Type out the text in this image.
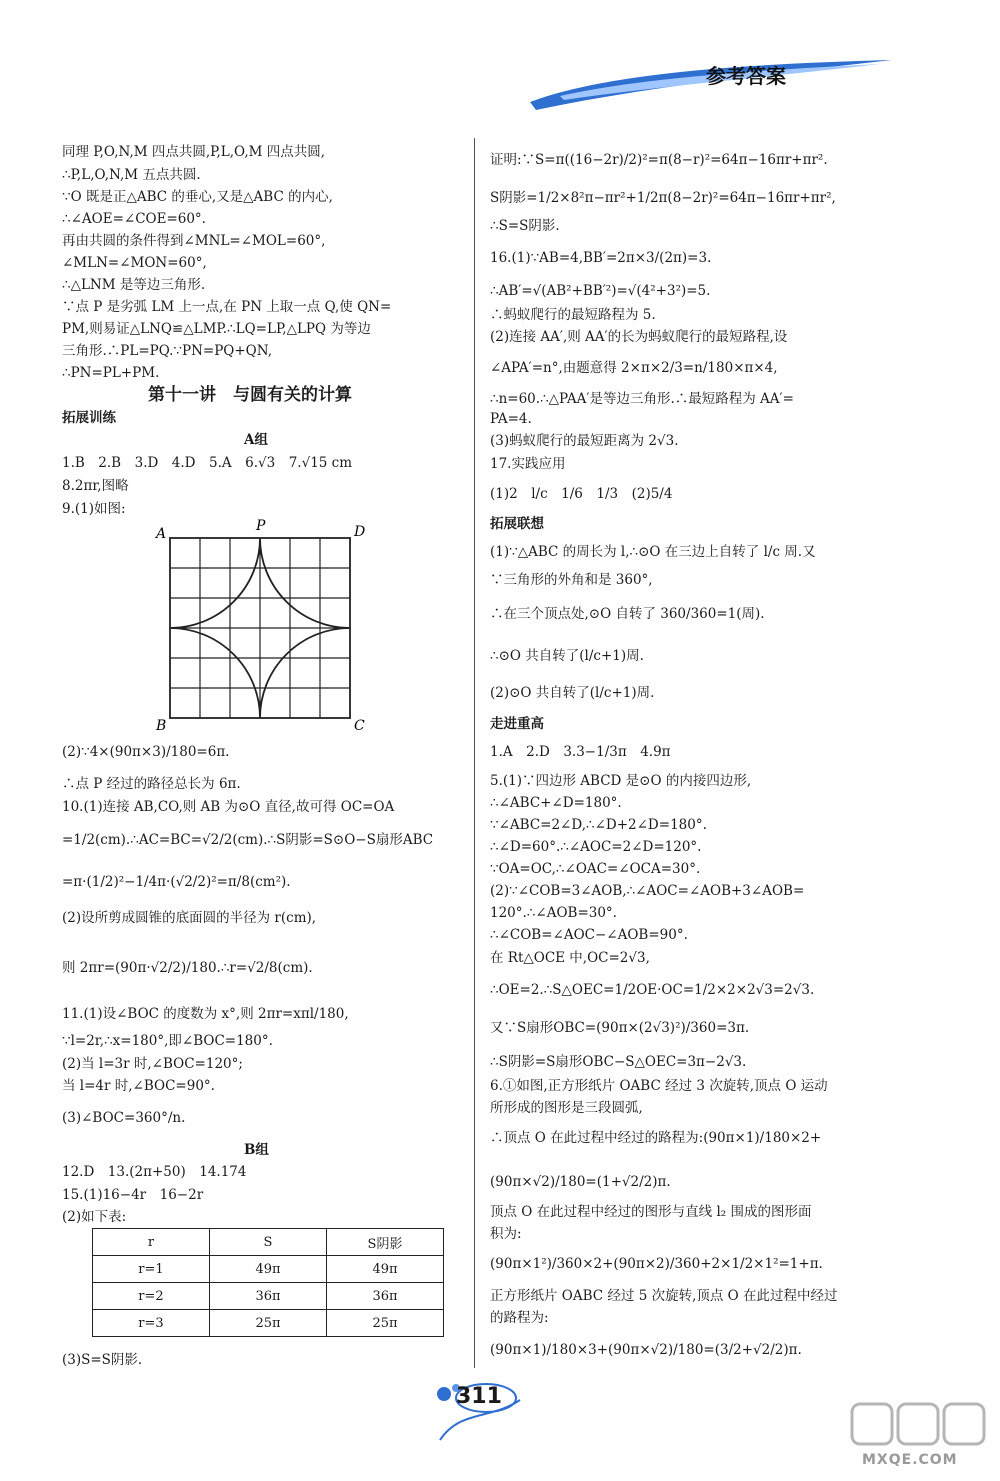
参考答案
同理 P,O,N,M 四点共圆,P,L,O,M 四点共圆,
∴P,L,O,N,M 五点共圆.
∵O 既是正△ABC 的垂心,又是△ABC 的内心,
∴∠AOE=∠COE=60°.
再由共圆的条件得到∠MNL=∠MOL=60°,
∠MLN=∠MON=60°,
∴△LNM 是等边三角形.
∵点 P 是劣弧 LM 上一点,在 PN 上取一点 Q,使 QN=
PM,则易证△LNQ≌△LMP.∴LQ=LP,△LPQ 为等边
三角形.∴PL=PQ.∵PN=PQ+QN,
∴PN=PL+PM.
第十一讲　与圆有关的计算
拓展训练
A组
1.B　2.B　3.D　4.D　5.A　6.√3　7.√15 cm
8.2πr,图略
9.(1)如图:
A	P	D
B	C
(2)∵4×(90π×3)/180=6π.
∴点 P 经过的路径总长为 6π.
10.(1)连接 AB,CO,则 AB 为⊙O 直径,故可得 OC=OA
=1/2(cm).∴AC=BC=√2/2(cm).∴S阴影=S⊙O−S扇形ABC
=π·(1/2)²−1/4π·(√2/2)²=π/8(cm²).
(2)设所剪成圆锥的底面圆的半径为 r(cm),
则 2πr=(90π·√2/2)/180.∴r=√2/8(cm).
11.(1)设∠BOC 的度数为 x°,则 2πr=xπl/180,
∵l=2r,∴x=180°,即∠BOC=180°.
(2)当 l=3r 时,∠BOC=120°;
当 l=4r 时,∠BOC=90°.
(3)∠BOC=360°/n.
B组
12.D　13.(2π+50)　14.174
15.(1)16−4r　16−2r
(2)如下表:
r	S	S阴影
r=1	49π	49π
r=2	36π	36π
r=3	25π	25π
(3)S=S阴影.
证明:∵S=π((16−2r)/2)²=π(8−r)²=64π−16πr+πr².
S阴影=1/2×8²π−πr²+1/2π(8−2r)²=64π−16πr+πr²,
∴S=S阴影.
16.(1)∵AB=4,BB′=2π×3/(2π)=3.
∴AB′=√(AB²+BB′²)=√(4²+3²)=5.
∴蚂蚁爬行的最短路程为 5.
(2)连接 AA′,则 AA′的长为蚂蚁爬行的最短路程,设
∠APA′=n°,由题意得 2×π×2/3=n/180×π×4,
∴n=60.∴△PAA′是等边三角形.∴最短路程为 AA′=
PA=4.
(3)蚂蚁爬行的最短距离为 2√3.
17.实践应用
(1)2　l/c　1/6　1/3　(2)5/4
拓展联想
(1)∵△ABC 的周长为 l,∴⊙O 在三边上自转了 l/c 周.又
∵三角形的外角和是 360°,
∴在三个顶点处,⊙O 自转了 360/360=1(周).
∴⊙O 共自转了(l/c+1)周.
(2)⊙O 共自转了(l/c+1)周.
走进重高
1.A　2.D　3.3−1/3π　4.9π
5.(1)∵四边形 ABCD 是⊙O 的内接四边形,
∴∠ABC+∠D=180°.
∵∠ABC=2∠D,∴∠D+2∠D=180°.
∴∠D=60°.∴∠AOC=2∠D=120°.
∵OA=OC,∴∠OAC=∠OCA=30°.
(2)∵∠COB=3∠AOB,∴∠AOC=∠AOB+3∠AOB=
120°.∴∠AOB=30°.
∴∠COB=∠AOC−∠AOB=90°.
在 Rt△OCE 中,OC=2√3,
∴OE=2.∴S△OEC=1/2OE·OC=1/2×2×2√3=2√3.
又∵S扇形OBC=(90π×(2√3)²)/360=3π.
∴S阴影=S扇形OBC−S△OEC=3π−2√3.
6.①如图,正方形纸片 OABC 经过 3 次旋转,顶点 O 运动
所形成的图形是三段圆弧,
∴顶点 O 在此过程中经过的路程为:(90π×1)/180×2+
(90π×√2)/180=(1+√2/2)π.
顶点 O 在此过程中经过的图形与直线 l₂ 围成的图形面
积为:
(90π×1²)/360×2+(90π×2)/360+2×1/2×1²=1+π.
正方形纸片 OABC 经过 5 次旋转,顶点 O 在此过程中经过
的路程为:
(90π×1)/180×3+(90π×√2)/180=(3/2+√2/2)π.
311
MXQE.COM
